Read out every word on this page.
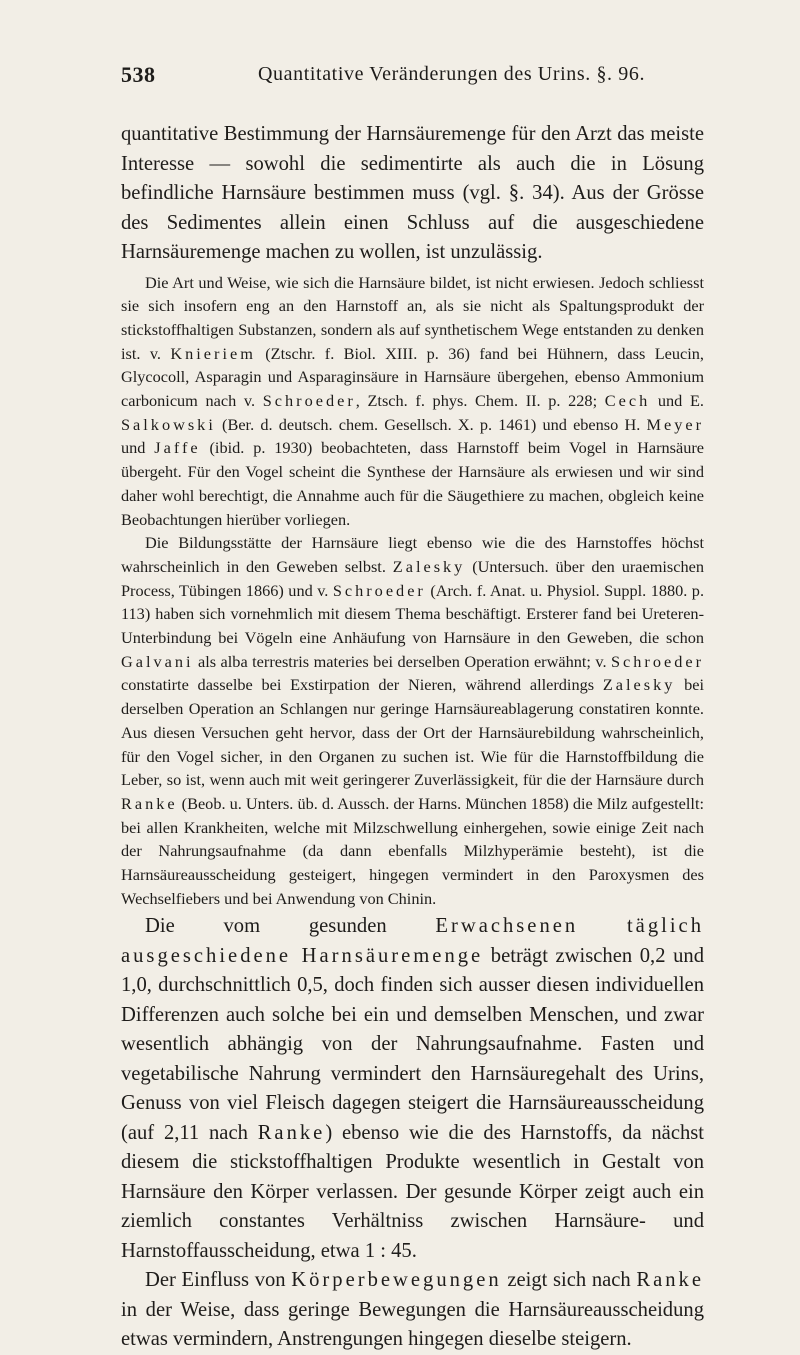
538	Quantitative Veränderungen des Urins. §. 96.

quantitative Bestimmung der Harnsäuremenge für den Arzt das meiste Interesse — sowohl die sedimentirte als auch die in Lösung befindliche Harnsäure bestimmen muss (vgl. §. 34). Aus der Grösse des Sedimentes allein einen Schluss auf die ausgeschiedene Harnsäuremenge machen zu wollen, ist unzulässig.

Die Art und Weise, wie sich die Harnsäure bildet, ist nicht erwiesen. Jedoch schliesst sie sich insofern eng an den Harnstoff an, als sie nicht als Spaltungsprodukt der stickstoffhaltigen Substanzen, sondern als auf synthetischem Wege entstanden zu denken ist. v. Knieriem (Ztschr. f. Biol. XIII. p. 36) fand bei Hühnern, dass Leucin, Glycocoll, Asparagin und Asparaginsäure in Harnsäure übergehen, ebenso Ammonium carbonicum nach v. Schroeder, Ztsch. f. phys. Chem. II. p. 228; Cech und E. Salkowski (Ber. d. deutsch. chem. Gesellsch. X. p. 1461) und ebenso H. Meyer und Jaffe (ibid. p. 1930) beobachteten, dass Harnstoff beim Vogel in Harnsäure übergeht. Für den Vogel scheint die Synthese der Harnsäure als erwiesen und wir sind daher wohl berechtigt, die Annahme auch für die Säugethiere zu machen, obgleich keine Beobachtungen hierüber vorliegen.

Die Bildungsstätte der Harnsäure liegt ebenso wie die des Harnstoffes höchst wahrscheinlich in den Geweben selbst. Zalesky (Untersuch. über den uraemischen Process, Tübingen 1866) und v. Schroeder (Arch. f. Anat. u. Physiol. Suppl. 1880. p. 113) haben sich vornehmlich mit diesem Thema beschäftigt. Ersterer fand bei Ureteren-Unterbindung bei Vögeln eine Anhäufung von Harnsäure in den Geweben, die schon Galvani als alba terrestris materies bei derselben Operation erwähnt; v. Schroeder constatirte dasselbe bei Exstirpation der Nieren, während allerdings Zalesky bei derselben Operation an Schlangen nur geringe Harnsäureablagerung constatiren konnte. Aus diesen Versuchen geht hervor, dass der Ort der Harnsäurebildung wahrscheinlich, für den Vogel sicher, in den Organen zu suchen ist. Wie für die Harnstoffbildung die Leber, so ist, wenn auch mit weit geringerer Zuverlässigkeit, für die der Harnsäure durch Ranke (Beob. u. Unters. üb. d. Aussch. der Harns. München 1858) die Milz aufgestellt: bei allen Krankheiten, welche mit Milzschwellung einhergehen, sowie einige Zeit nach der Nahrungsaufnahme (da dann ebenfalls Milzhyperämie besteht), ist die Harnsäureausscheidung gesteigert, hingegen vermindert in den Paroxysmen des Wechselfiebers und bei Anwendung von Chinin.

Die vom gesunden Erwachsenen täglich ausgeschiedene Harnsäuremenge beträgt zwischen 0,2 und 1,0, durchschnittlich 0,5, doch finden sich ausser diesen individuellen Differenzen auch solche bei ein und demselben Menschen, und zwar wesentlich abhängig von der Nahrungsaufnahme. Fasten und vegetabilische Nahrung vermindert den Harnsäuregehalt des Urins, Genuss von viel Fleisch dagegen steigert die Harnsäureausscheidung (auf 2,11 nach Ranke) ebenso wie die des Harnstoffs, da nächst diesem die stickstoffhaltigen Produkte wesentlich in Gestalt von Harnsäure den Körper verlassen. Der gesunde Körper zeigt auch ein ziemlich constantes Verhältniss zwischen Harnsäure- und Harnstoffausscheidung, etwa 1 : 45.

Der Einfluss von Körperbewegungen zeigt sich nach Ranke in der Weise, dass geringe Bewegungen die Harnsäureausscheidung etwas vermindern, Anstrengungen hingegen dieselbe steigern.
